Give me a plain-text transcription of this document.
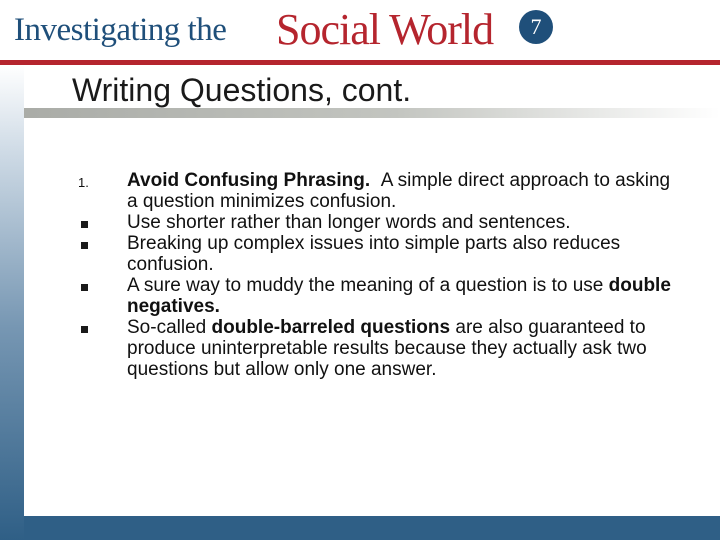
Investigating the Social World	7
Writing Questions, cont.
1.	Avoid Confusing Phrasing. A simple direct approach to asking a question minimizes confusion.
Use shorter rather than longer words and sentences.
Breaking up complex issues into simple parts also reduces confusion.
A sure way to muddy the meaning of a question is to use double negatives.
So-called double-barreled questions are also guaranteed to produce uninterpretable results because they actually ask two questions but allow only one answer.
